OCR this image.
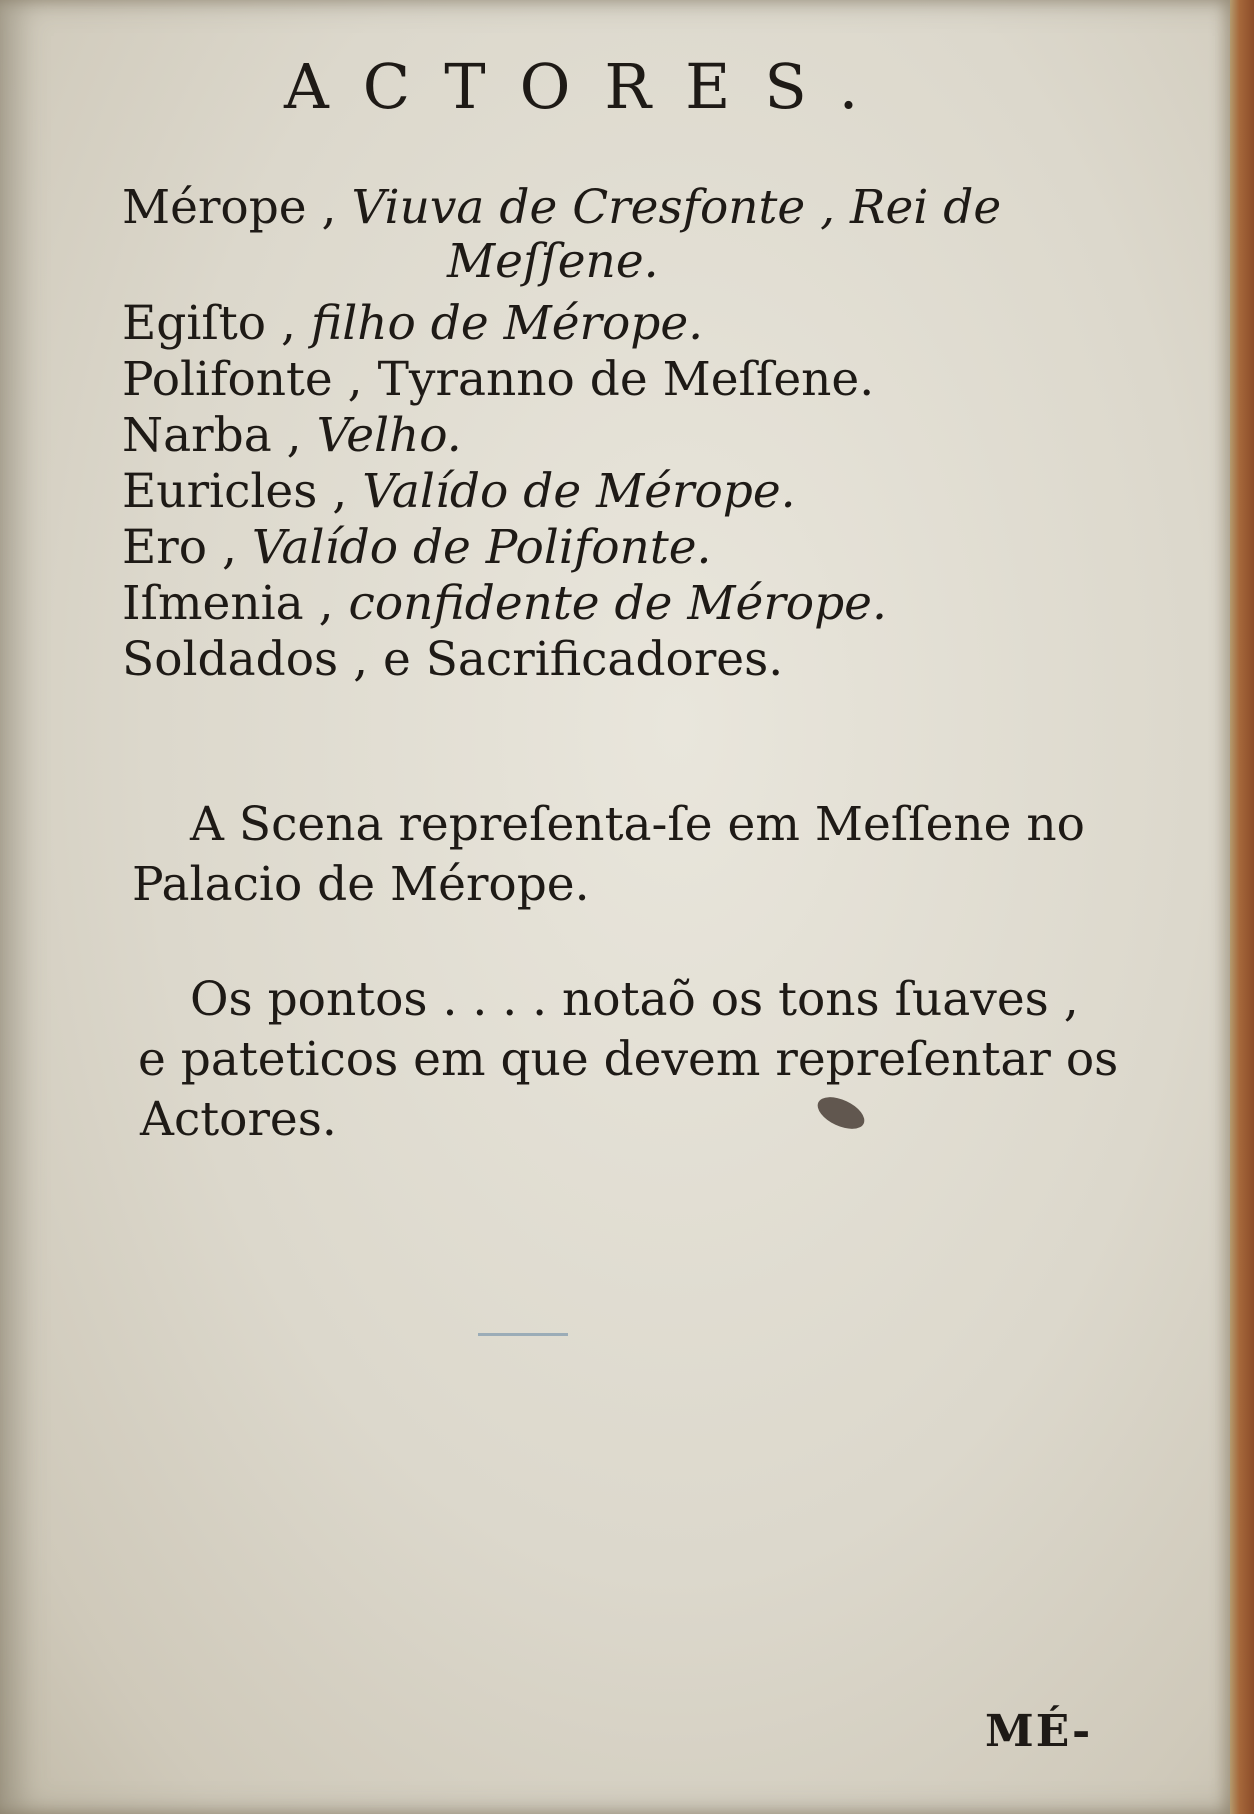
ACTORES.
Mérope , Viuva de Cresfonte , Rei de
Meſſene.
Egiſto , filho de Mérope.
Polifonte , Tyranno de Meſſene.
Narba , Velho.
Euricles , Valído de Mérope.
Ero , Valído de Polifonte.
Iſmenia , confidente de Mérope.
Soldados , e Sacrificadores.
A Scena repreſenta-ſe em Meſſene no
Palacio de Mérope.
Os pontos . . . . notaõ os tons ſuaves ,
e pateticos em que devem repreſentar os
Actores.
MÉ-
